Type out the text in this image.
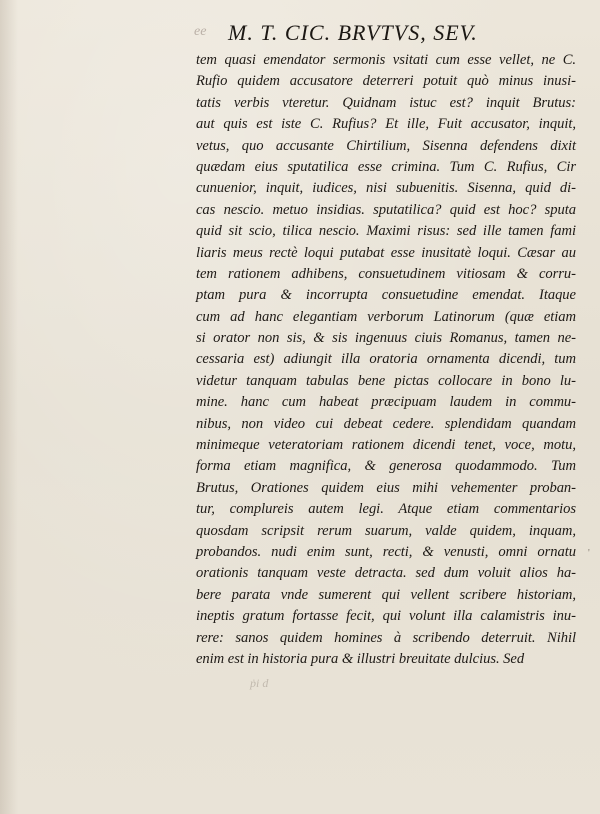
ee M. T. CIC. BRVTVS, SEV.
tem quasi emendator sermonis vsitati cum esse vellet, ne C.
Rufio quidem accusatore deterreri potuit quò minus inusi-
tatis verbis vteretur. Quidnam istuc est? inquit Brutus:
aut quis est iste C. Rufius? Et ille, Fuit accusator, inquit,
vetus, quo accusante Chirtilium, Sisenna defendens dixit
quædam eius sputatilica esse crimina. Tum C. Rufius, Cir
cunuenior, inquit, iudices, nisi subuenitis. Sisenna, quid di-
cas nescio. metuo insidias. sputatilica? quid est hoc? sputa
quid sit scio, tilica nescio. Maximi risus: sed ille tamen fami
liaris meus rectè loqui putabat esse inusitatè loqui. Cæsar au
tem rationem adhibens, consuetudinem vitiosam & corru-
ptam pura & incorrupta consuetudine emendat. Itaque
cum ad hanc elegantiam verborum Latinorum (quæ etiam
si orator non sis, & sis ingenuus ciuis Romanus, tamen ne-
cessaria est) adiungit illa oratoria ornamenta dicendi, tum
videtur tanquam tabulas bene pictas collocare in bono lu-
mine. hanc cum habeat præcipuam laudem in commu-
nibus, non video cui debeat cedere. splendidam quandam
minimeque veteratoriam rationem dicendi tenet, voce, motu,
forma etiam magnifica, & generosa quodammodo. Tum
Brutus, Orationes quidem eius mihi vehementer proban-
tur, complureis autem legi. Atque etiam commentarios
quosdam scripsit rerum suarum, valde quidem, inquam,
probandos. nudi enim sunt, recti, & venusti, omni ornatu
orationis tanquam veste detracta. sed dum voluit alios ha-
bere parata vnde sumerent qui vellent scribere historiam,
ineptis gratum fortasse fecit, qui volunt illa calamistris inu-
rere: sanos quidem homines à scribendo deterruit. Nihil
enim est in historia pura & illustri breuitate dulcius. Sed
'
ṗi d
